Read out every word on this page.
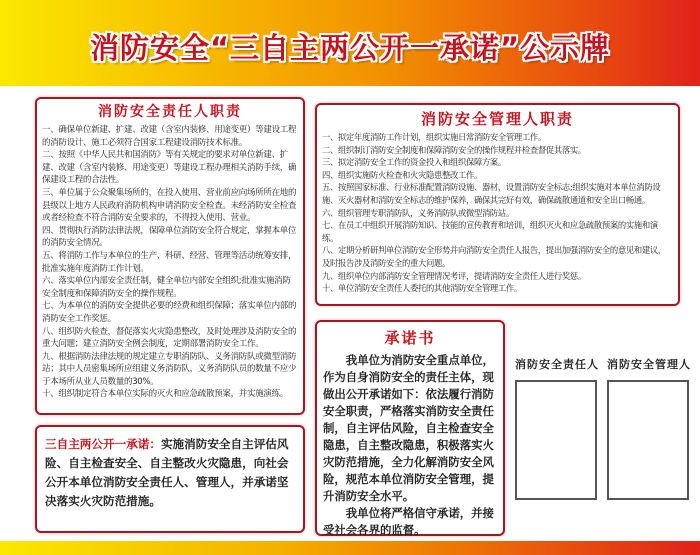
消防安全“三自主两公开一承诺”公示牌
消防安全责任人职责

一、确保单位新建、扩建、改建（含室内装修、用途变更）等建设工程的消防设计、施工必须符合国家工程建设消防技术标准。

二、按照《中华人民共和国消防》等有关规定的要求对单位新建、扩建、改建（含室内装修、用途变更）等建设工程办理相关消防手续，确保建设工程的合法性。

三、单位属于公众聚集场所的，在投入使用、营业前应向场所所在地的县级以上地方人民政府消防机构申请消防安全检查。未经消防安全检查或者经检查不符合消防安全要求的，不得投入使用、营业。

四、贯彻执行消防法律法规，保障单位消防安全符合规定，掌握本单位的消防安全情况。

五、将消防工作与本单位的生产、科研、经营、管理等活动统筹安排，批准实施年度消防工作计划。

六、落实单位内部安全责任制，健全单位内部安全组织;批准实施消防安全制度和保障消防安全的操作规程。

七、为本单位的消防安全提供必要的经费和组织保障；落实单位内部的消防安全工作奖惩。

八、组织防火检查，督促落实火灾隐患整改，及时处理涉及消防安全的重大问题；建立消防安全例会制度，定期部署消防安全工作。

九、根据消防法律法规的规定建立专职消防队、义务消防队或微型消防站；其中人员密集场所应组建义务消防队，义务消防队员的数量不应少于本场所从业人员数量的30%。

十、组织制定符合本单位实际的灭火和应急疏散预案，并实施演练。

三自主两公开一承诺：实施消防安全自主评估风险、自主检查安全、自主整改火灾隐患，向社会公开本单位消防安全责任人、管理人，并承诺坚决落实火灾防范措施。

消防安全管理人职责

一、拟定年度消防工作计划，组织实施日常消防安全管理工作。

二、组织制订消防安全制度和保障消防安全的操作规程并检查督促其落实。

三、拟定消防安全工作的资金投入和组织保障方案。

四、组织实施防火检查和火灾隐患整改工作。

五、按照国家标准、行业标准配置消防设施、器材，设置消防安全标志;组织实施对本单位消防设施、灭火器材和消防安全标志的维护保养，确保其完好有效，确保疏散通道和安全出口畅通。

六、组织管理专职消防队，义务消防队或微型消防站。

七、在员工中组织开展消防知识、技能的宣传教育和培训，组织灭火和应急疏散预案的实施和演练。

八、定期分析研判单位消防安全形势并向消防安全责任人报告，提出加强消防安全的意见和建议，及时报告涉及消防安全的重大问题。

九、组织单位内部消防安全管理情况考评，提请消防安全责任人进行奖惩。

十、单位消防安全责任人委托的其他消防安全管理工作。

承诺书

我单位为消防安全重点单位，作为自身消防安全的责任主体，现做出公开承诺如下：依法履行消防安全职责，严格落实消防安全责任制，自主评估风险，自主检查安全隐患，自主整改隐患，积极落实火灾防范措施，全力化解消防安全风险，规范本单位消防安全管理，提升消防安全水平。

我单位将严格信守承诺，并接受社会各界的监督。

消防安全责任人 消防安全管理人
